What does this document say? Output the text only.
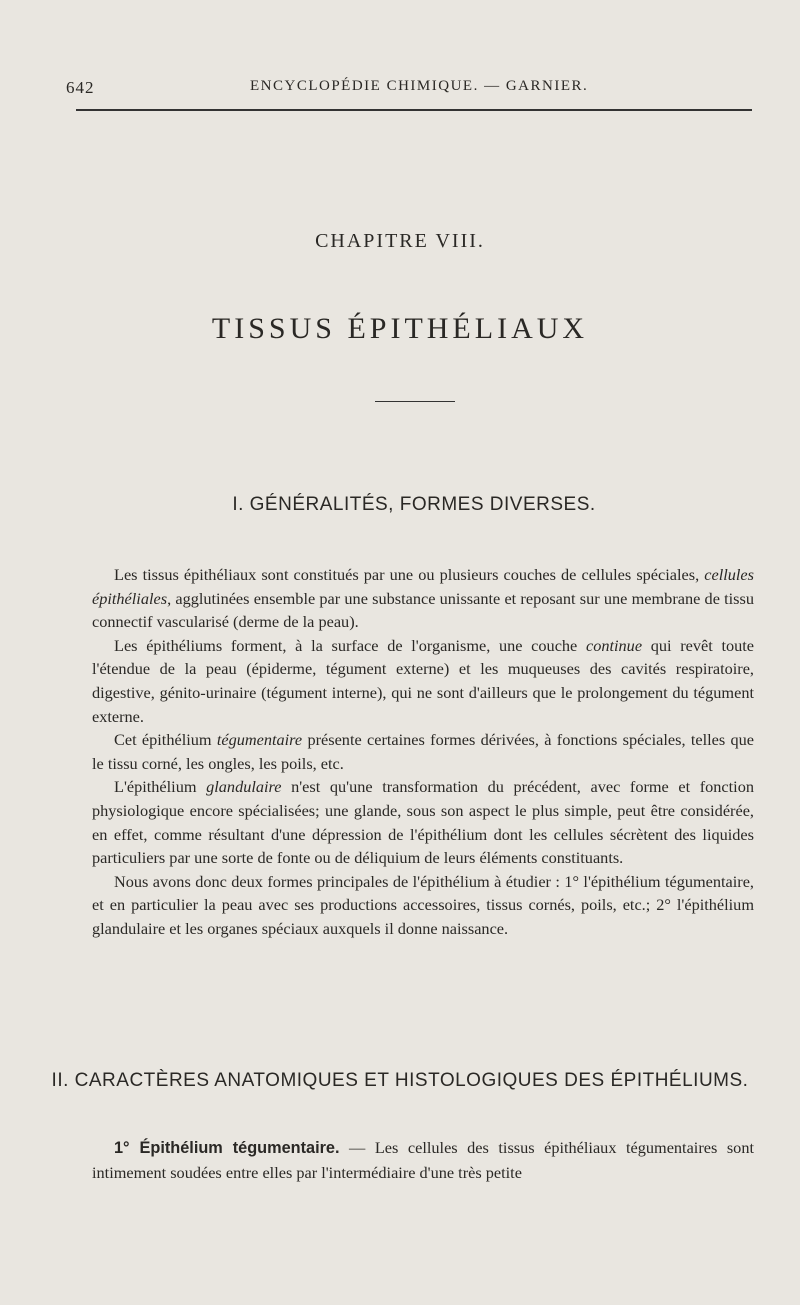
642	ENCYCLOPÉDIE CHIMIQUE. — GARNIER.
CHAPITRE VIII.
TISSUS ÉPITHÉLIAUX
I. GÉNÉRALITÉS, FORMES DIVERSES.

Les tissus épithéliaux sont constitués par une ou plusieurs couches de cellules spéciales, cellules épithéliales, agglutinées ensemble par une substance unissante et reposant sur une membrane de tissu connectif vascularisé (derme de la peau).

Les épithéliums forment, à la surface de l'organisme, une couche continue qui revêt toute l'étendue de la peau (épiderme, tégument externe) et les muqueuses des cavités respiratoire, digestive, génito-urinaire (tégument interne), qui ne sont d'ailleurs que le prolongement du tégument externe.

Cet épithélium tégumentaire présente certaines formes dérivées, à fonctions spéciales, telles que le tissu corné, les ongles, les poils, etc.

L'épithélium glandulaire n'est qu'une transformation du précédent, avec forme et fonction physiologique encore spécialisées; une glande, sous son aspect le plus simple, peut être considérée, en effet, comme résultant d'une dépression de l'épithélium dont les cellules sécrètent des liquides particuliers par une sorte de fonte ou de déliquium de leurs éléments constituants.

Nous avons donc deux formes principales de l'épithélium à étudier : 1° l'épithélium tégumentaire, et en particulier la peau avec ses productions accessoires, tissus cornés, poils, etc.; 2° l'épithélium glandulaire et les organes spéciaux auxquels il donne naissance.

II. CARACTÈRES ANATOMIQUES ET HISTOLOGIQUES DES ÉPITHÉLIUMS.

1° Épithélium tégumentaire. — Les cellules des tissus épithéliaux tégumentaires sont intimement soudées entre elles par l'intermédiaire d'une très petite
